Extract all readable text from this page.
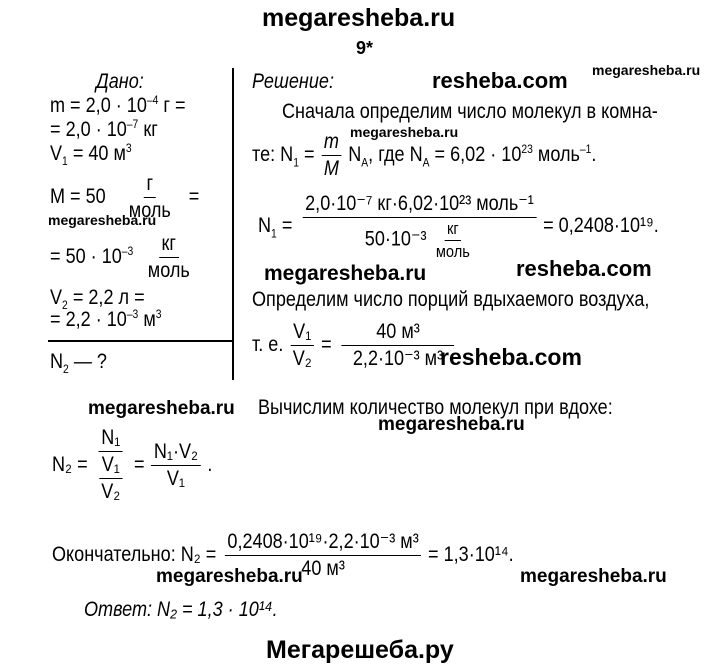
megaresheba.ru
9*
Дано:
$m = 2,0 \cdot 10^{-4}$ г =
= $2,0 \cdot 10^{-7}$ кг
$V_1 = 40$ $м^3$
$M = 50 \frac{г}{\text{моль}}$ =
megaresheba.ru
= $50 \cdot 10^{-3} \frac{кг}{\text{моль}}$
$V_2 = 2,2$ л =
= $2,2 \cdot 10^{-3}$ $м^3$
$N_2$ — ?
Решение:	resheba.com megaresheba.ru
Сначала определим число молекул в комна-
megaresheba.ru
те: $N_1 = \frac{m}{M} N_A$, где $N_A = 6,02 \cdot 10^{23}$ моль$^{-1}$.
$N_1 = \frac{\text{2,0·10⁻⁷ кг·6,02·10²³ моль⁻¹}}{50\cdot 10^{-3} \frac{кг}{\text{моль}}} = 0,2408\cdot 10^{19}$.
megaresheba.ru	resheba.com
Определим число порций вдыхаемого воздуха,
т. е. $\frac{\text{V₁}}{\text{V₂}} = \frac{\text{40 м³}}{\text{2,2·10⁻³ м³}}$
resheba.com
megaresheba.ru Вычислим количество молекул при вдохе:
megaresheba.ru
$N_2 = \frac{\text{N₁}}{\frac{\text{V₁}}{\text{V₂}}} = \frac{\text{N₁·V₂}}{\text{V₁}}$ .
Окончательно: $N_2 = \frac{\text{0,2408·10¹⁹·2,2·10⁻³ м³}}{\text{40 м³}} = 1,3\cdot 10^{14}$.
megaresheba.ru	megaresheba.ru
Ответ: N₂ = 1,3 · 10¹⁴.
Мегарешеба.ру
